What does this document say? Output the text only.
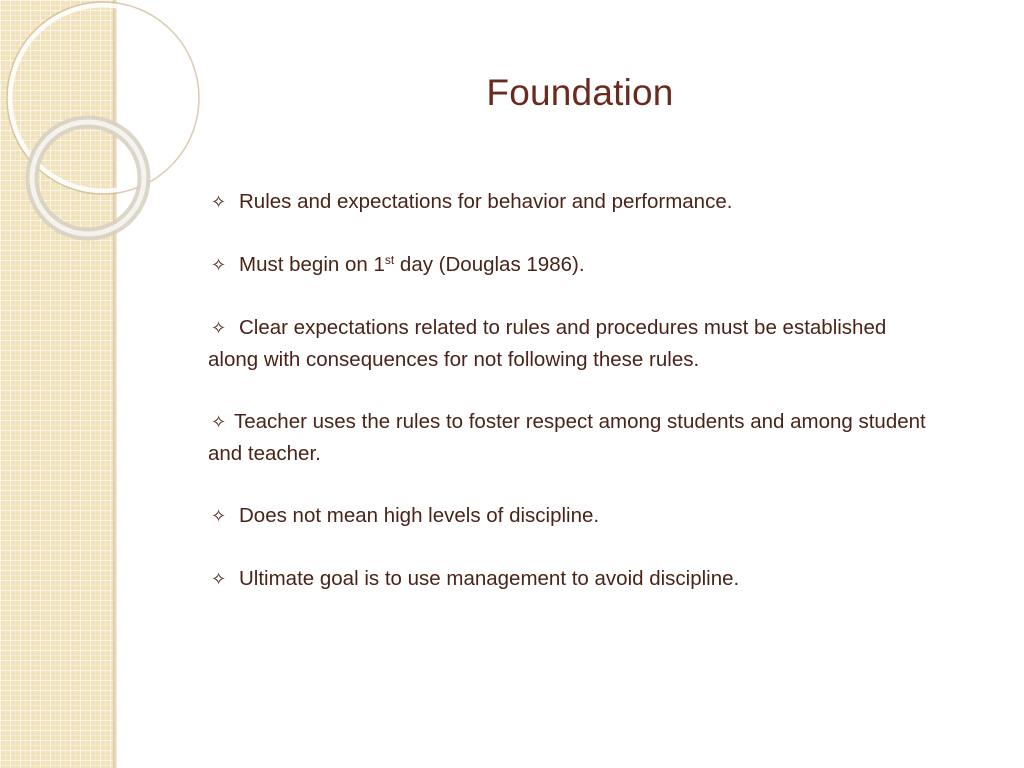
Foundation
✧ Rules and expectations for behavior and performance.
✧ Must begin on 1st day (Douglas 1986).
✧ Clear expectations related to rules and procedures must be established along with consequences for not following these rules.
✧ Teacher uses the rules to foster respect among students and among student and teacher.
✧ Does not mean high levels of discipline.
✧ Ultimate goal is to use management to avoid discipline.
